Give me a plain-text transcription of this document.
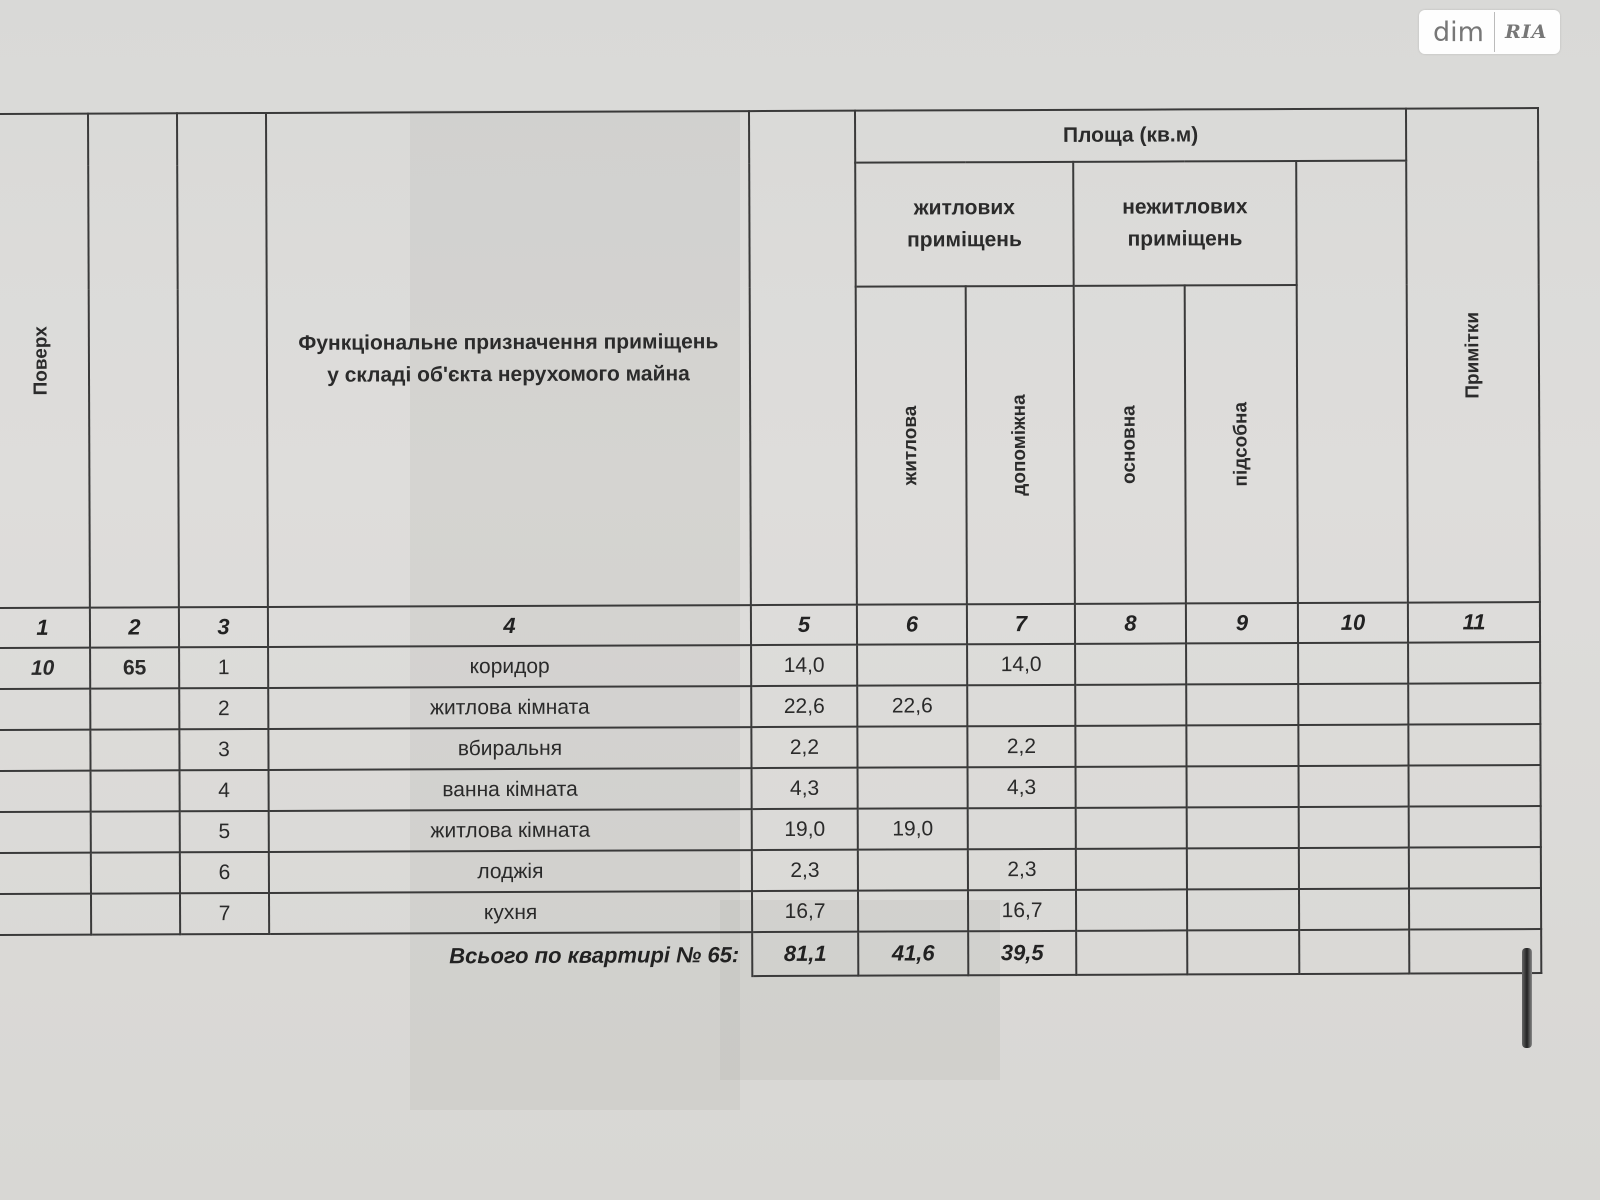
dim	RIA
Поверх			Функціональне призначення приміщень
у складі об'єкта нерухомого майна		Площа (кв.м)					Примітки

					житлових приміщень		нежитлових приміщень

					житлова	допоміжна	основна	підсобна		
1	2	3	4	5	6	7	8	9	10	11
10	65	1	коридор	14,0		14,0				
		2	житлова кімната	22,6	22,6					
		3	вбиральня	2,2		2,2				
		4	ванна кімната	4,3		4,3				
		5	житлова кімната	19,0	19,0					
		6	лоджія	2,3		2,3				
		7	кухня	16,7		16,7				
Всього по квартирі № 65:				81,1	41,6	39,5				
